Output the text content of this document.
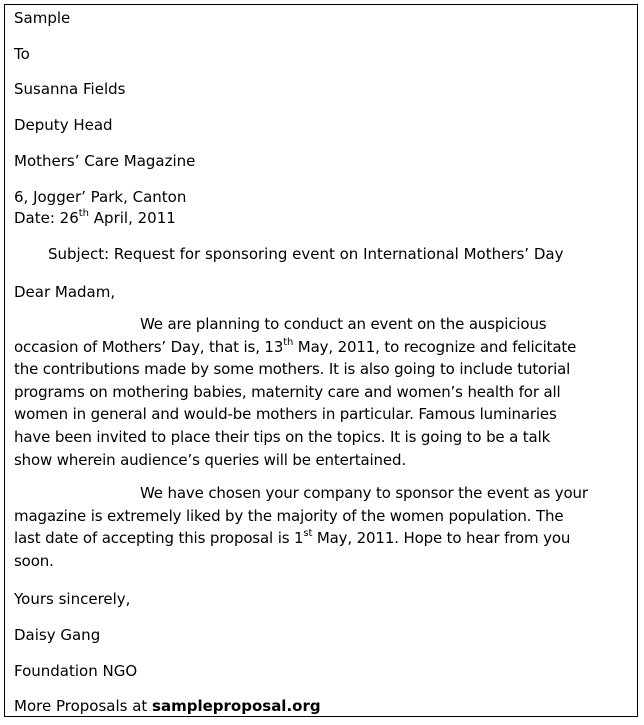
Sample
To
Susanna Fields
Deputy Head
Mothers’ Care Magazine
6, Jogger’ Park, Canton
Date: 26th April, 2011
Subject: Request for sponsoring event on International Mothers’ Day
Dear Madam,
We are planning to conduct an event on the auspicious
occasion of Mothers’ Day, that is, 13th May, 2011, to recognize and felicitate
the contributions made by some mothers. It is also going to include tutorial
programs on mothering babies, maternity care and women’s health for all
women in general and would-be mothers in particular. Famous luminaries
have been invited to place their tips on the topics. It is going to be a talk
show wherein audience’s queries will be entertained.
We have chosen your company to sponsor the event as your
magazine is extremely liked by the majority of the women population. The
last date of accepting this proposal is 1st May, 2011. Hope to hear from you
soon.
Yours sincerely,
Daisy Gang
Foundation NGO
More Proposals at sampleproposal.org
